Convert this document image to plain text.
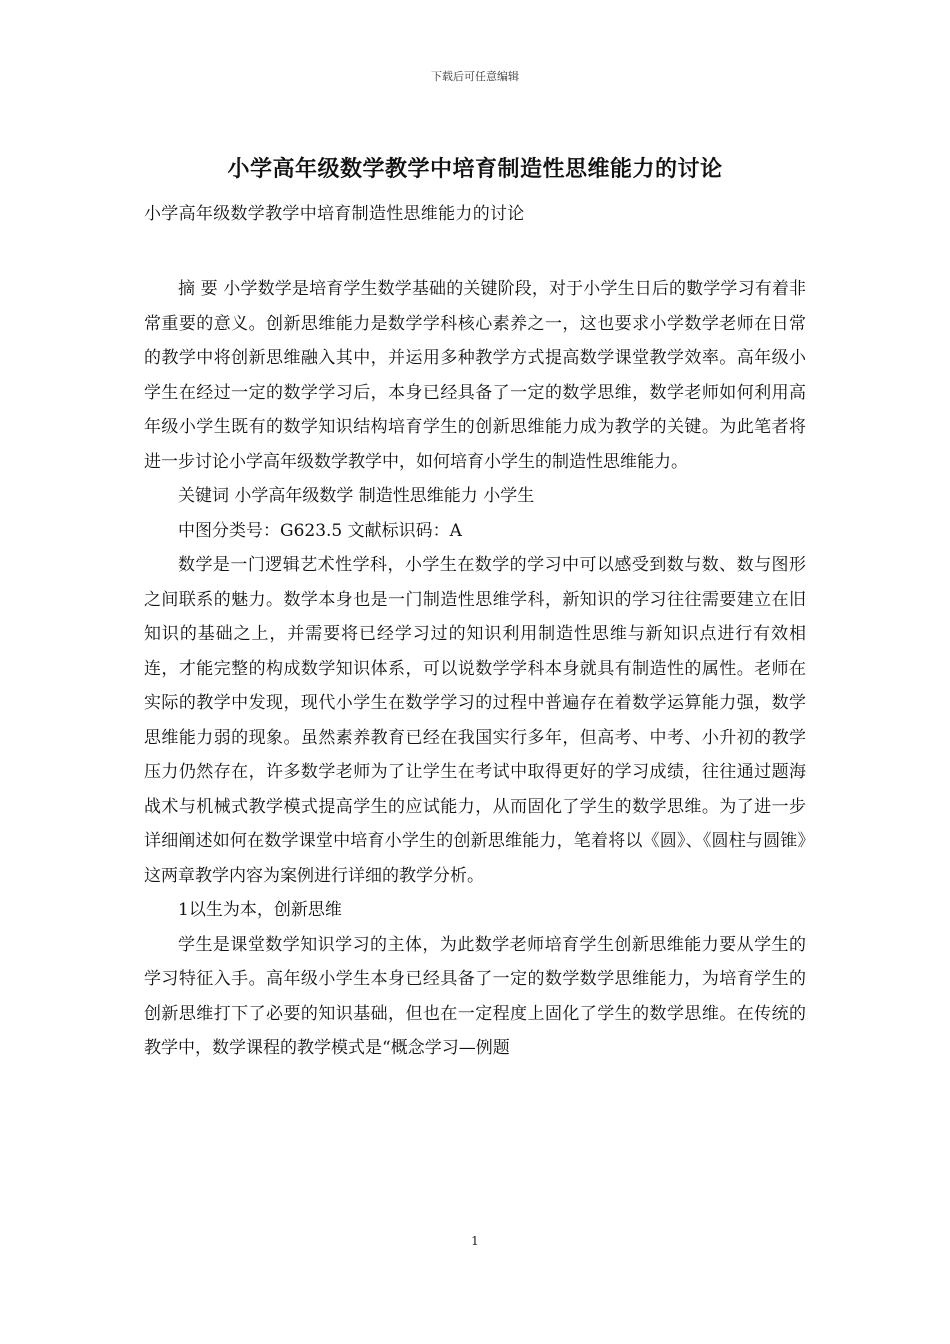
下载后可任意编辑
小学高年级数学教学中培育制造性思维能力的讨论
小学高年级数学教学中培育制造性思维能力的讨论

摘 要 小学数学是培育学生数学基础的关键阶段，对于小学生日后的數学学习有着非常重要的意义。创新思维能力是数学学科核心素养之一，这也要求小学数学老师在日常的教学中将创新思维融入其中，并运用多种教学方式提高数学课堂教学效率。高年级小学生在经过一定的数学学习后，本身已经具备了一定的数学思维，数学老师如何利用高年级小学生既有的数学知识结构培育学生的创新思维能力成为教学的关键。为此笔者将进一步讨论小学高年级数学教学中，如何培育小学生的制造性思维能力。

关键词 小学高年级数学 制造性思维能力 小学生

中图分类号：G623.5 文献标识码：A

数学是一门逻辑艺术性学科，小学生在数学的学习中可以感受到数与数、数与图形之间联系的魅力。数学本身也是一门制造性思维学科，新知识的学习往往需要建立在旧知识的基础之上，并需要将已经学习过的知识利用制造性思维与新知识点进行有效相连，才能完整的构成数学知识体系，可以说数学学科本身就具有制造性的属性。老师在实际的教学中发现，现代小学生在数学学习的过程中普遍存在着数学运算能力强，数学思维能力弱的现象。虽然素养教育已经在我国实行多年，但高考、中考、小升初的教学压力仍然存在，许多数学老师为了让学生在考试中取得更好的学习成绩，往往通过题海战术与机械式教学模式提高学生的应试能力，从而固化了学生的数学思维。为了进一步详细阐述如何在数学课堂中培育小学生的创新思维能力，笔着将以《圆》、《圆柱与圆锥》这两章教学内容为案例进行详细的教学分析。

1以生为本，创新思维

学生是课堂数学知识学习的主体，为此数学老师培育学生创新思维能力要从学生的学习特征入手。高年级小学生本身已经具备了一定的数学数学思维能力，为培育学生的创新思维打下了必要的知识基础，但也在一定程度上固化了学生的数学思维。在传统的教学中，数学课程的教学模式是“概念学习—例题

1
